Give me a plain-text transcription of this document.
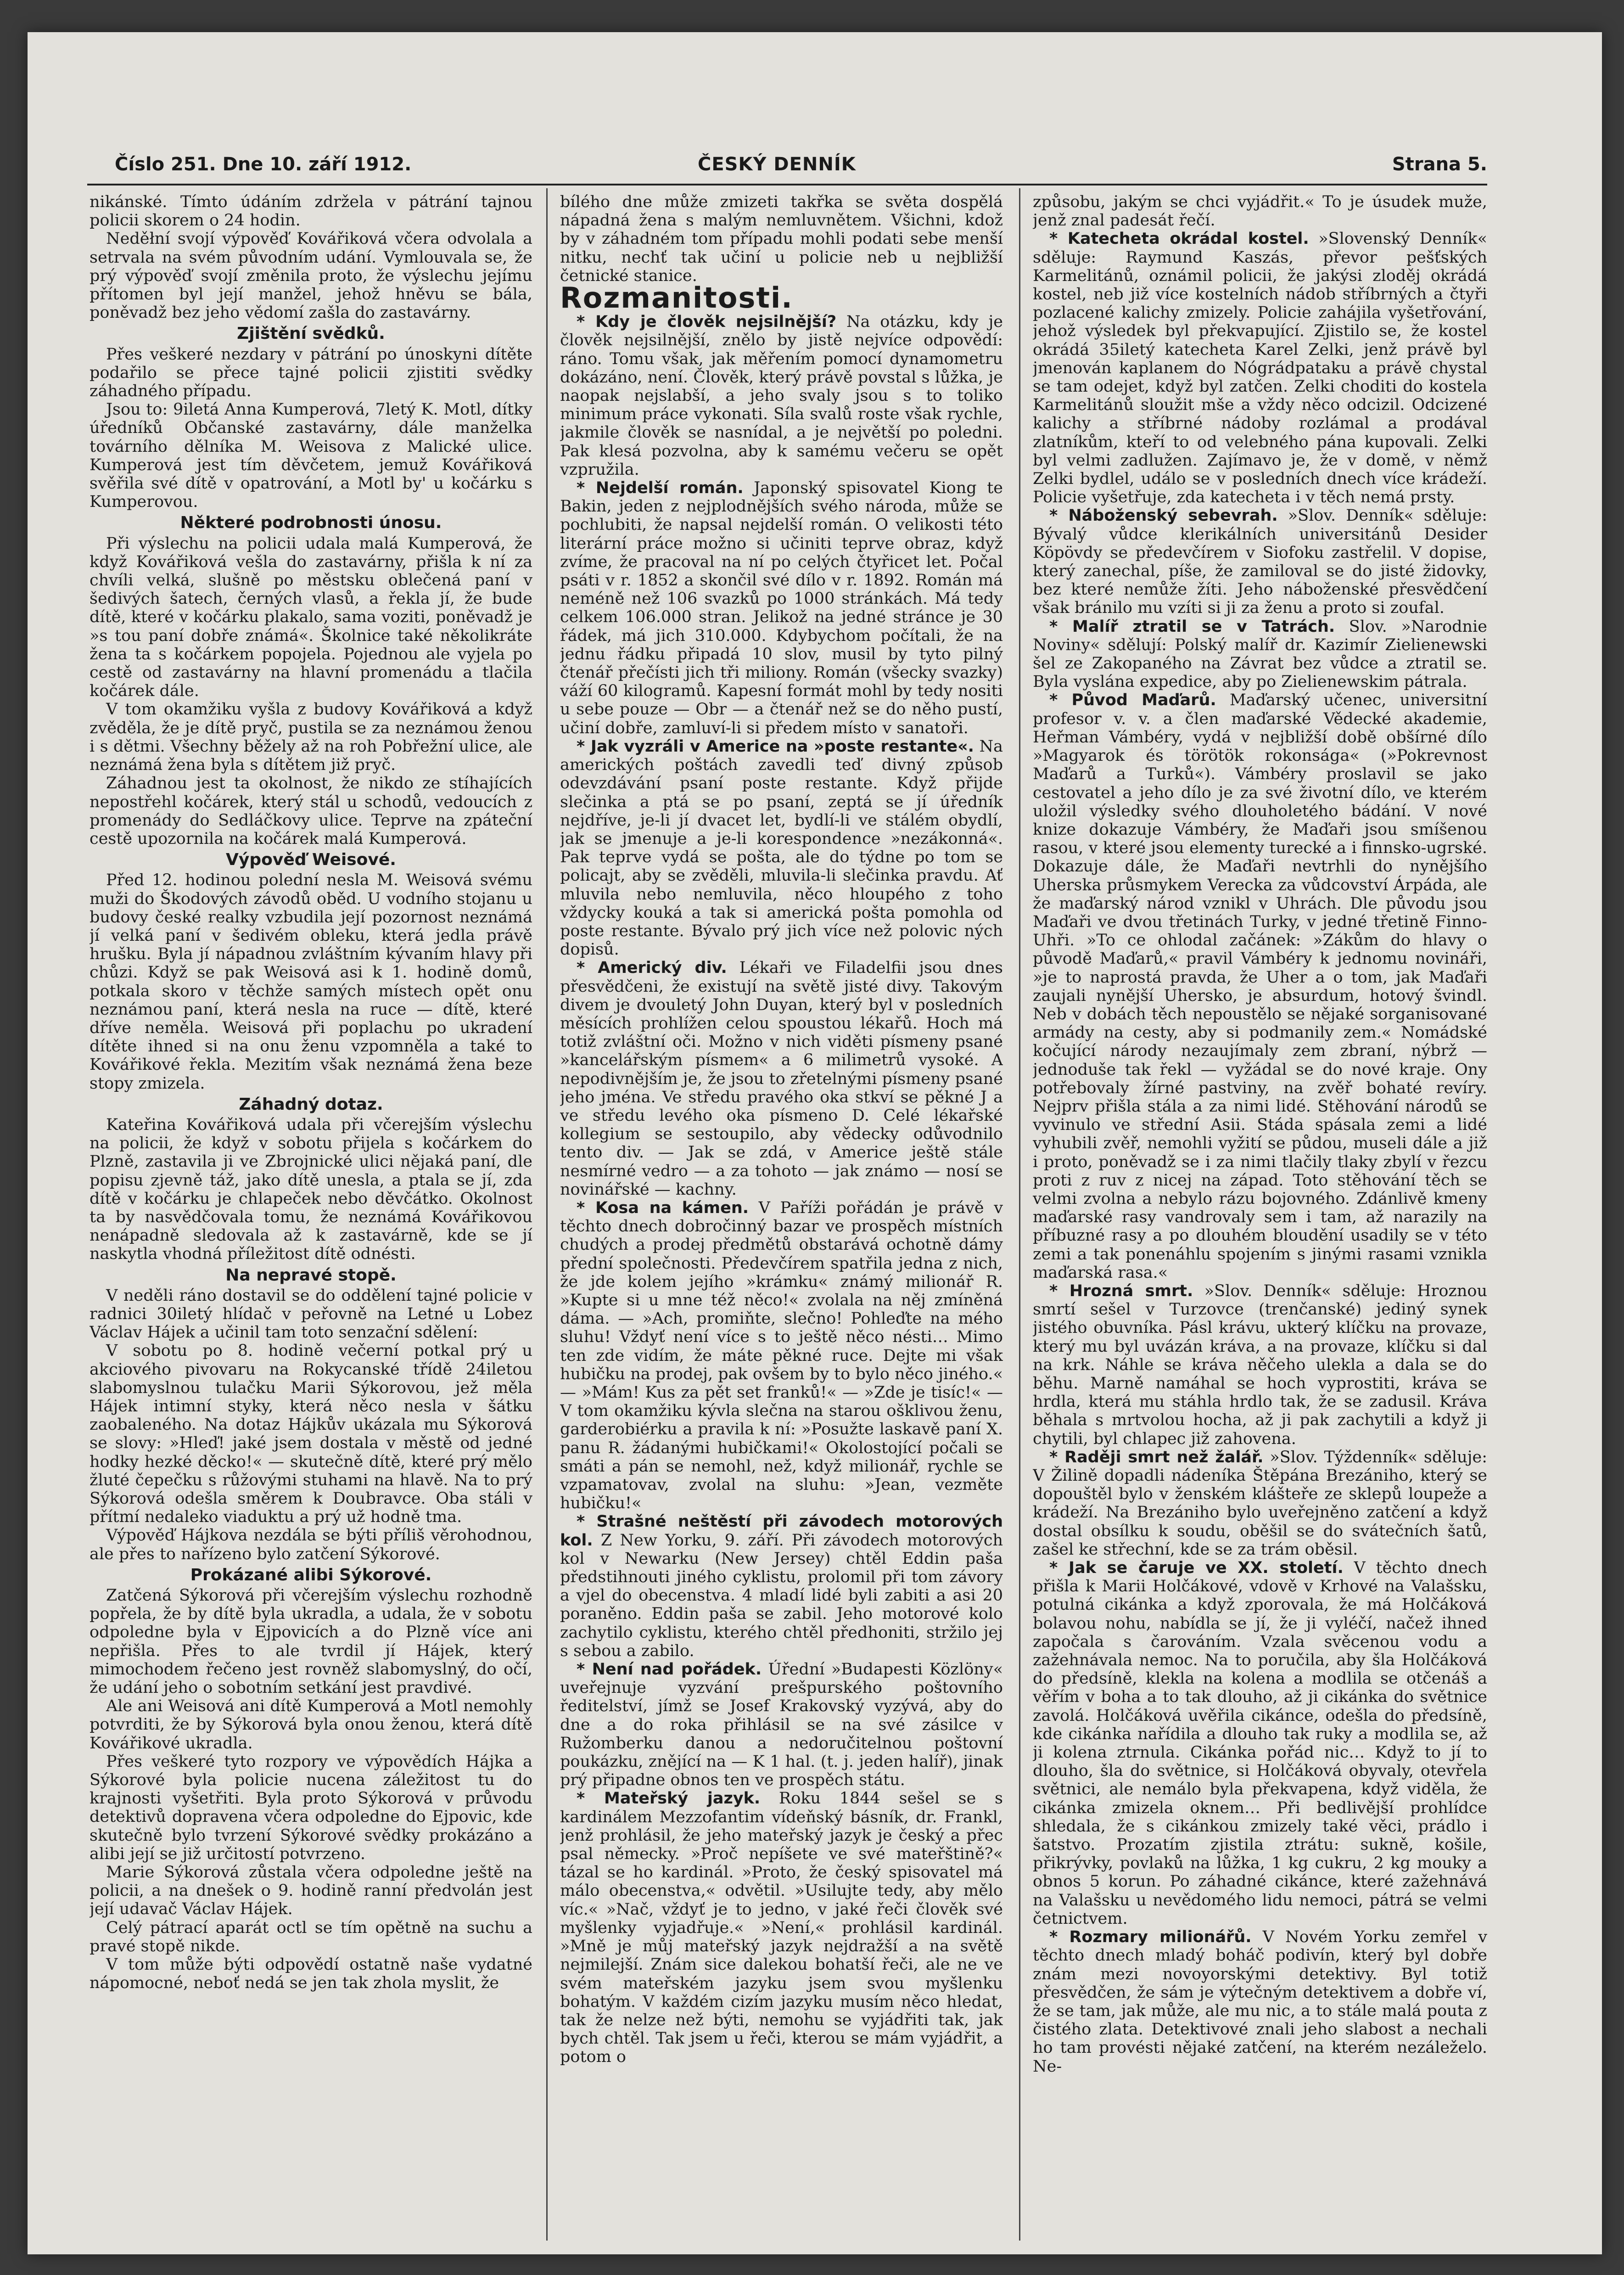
Číslo 251. Dne 10. září 1912.	ČESKÝ DENNÍK	Strana 5.

nikánské. Tímto údáním zdržela v pátrání tajnou policii skorem o 24 hodin.

Neděłní svojí výpověď Kovářiková včera odvolala a setrvala na svém původním udání. Vymlouvala se, že prý výpověď svojí změnila proto, že výslechu jejímu přítomen byl její manžel, jehož hněvu se bála, poněvadž bez jeho vědomí zašla do zastavárny.

Zjištění svědků.

Přes veškeré nezdary v pátrání po únoskyni dítěte podařilo se přece tajné policii zjistiti svědky záhadného případu.

Jsou to: 9iletá Anna Kumperová, 7letý K. Motl, dítky úředníků Občanské zastavárny, dále manželka továrního dělníka M. Weisova z Malické ulice. Kumperová jest tím děvčetem, jemuž Kovářiková svěřila své dítě v opatrování, a Motl by' u kočárku s Kumperovou.

Některé podrobnosti únosu.

Při výslechu na policii udala malá Kumperová, že když Kovářiková vešla do zastavárny, přišla k ní za chvíli velká, slušně po městsku oblečená paní v šedivých šatech, černých vlasů, a řekla jí, že bude dítě, které v kočárku plakalo, sama voziti, poněvadž je »s tou paní dobře známá«. Školnice také několikráte žena ta s kočárkem popojela. Pojednou ale vyjela po cestě od zastavárny na hlavní promenádu a tlačila kočárek dále.

V tom okamžiku vyšla z budovy Kovářiková a když zvěděla, že je dítě pryč, pustila se za neznámou ženou i s dětmi. Všechny běžely až na roh Pobřežní ulice, ale neznámá žena byla s dítětem již pryč.

Záhadnou jest ta okolnost, že nikdo ze stíhajících nepostřehl kočárek, který stál u schodů, vedoucích z promenády do Sedláčkovy ulice. Teprve na zpáteční cestě upozornila na kočárek malá Kumperová.

Výpověď Weisové.

Před 12. hodinou polední nesla M. Weisová svému muži do Škodových závodů oběd. U vodního stojanu u budovy české realky vzbudila její pozornost neznámá jí velká paní v šedivém obleku, která jedla právě hrušku. Byla jí nápadnou zvláštním kývaním hlavy při chůzi. Když se pak Weisová asi k 1. hodině domů, potkala skoro v těchže samých místech opět onu neznámou paní, která nesla na ruce — dítě, které dříve neměla. Weisová při poplachu po ukradení dítěte ihned si na onu ženu vzpomněla a také to Kovářikové řekla. Mezitím však neznámá žena beze stopy zmizela.

Záhadný dotaz.

Kateřina Kovářiková udala při včerejším výslechu na policii, že když v sobotu přijela s kočárkem do Plzně, zastavila ji ve Zbrojnické ulici nějaká paní, dle popisu zjevně táž, jako dítě unesla, a ptala se jí, zda dítě v kočárku je chlapeček nebo děvčátko. Okolnost ta by nasvědčovala tomu, že neznámá Kovářikovou nenápadně sledovala až k zastavárně, kde se jí naskytla vhodná příležitost dítě odnésti.

Na nepravé stopě.

V neděli ráno dostavil se do oddělení tajné policie v radnici 30iletý hlídač v peřovně na Letné u Lobez Václav Hájek a učinil tam toto senzační sdělení:

V sobotu po 8. hodině večerní potkal prý u akciového pivovaru na Rokycanské třídě 24iletou slabomyslnou tulačku Marii Sýkorovou, jež měla Hájek intimní styky, která něco nesla v šátku zaobaleného. Na dotaz Hájkův ukázala mu Sýkorová se slovy: »Hleď! jaké jsem dostala v městě od jedné hodky hezké děcko!« — skutečně dítě, které prý mělo žluté čepečku s růžovými stuhami na hlavě. Na to prý Sýkorová odešla směrem k Doubravce. Oba stáli v přítmí nedaleko viaduktu a prý už hodně tma.

Výpověď Hájkova nezdála se býti příliš věrohodnou, ale přes to nařízeno bylo zatčení Sýkorové.

Prokázané alibi Sýkorové.

Zatčená Sýkorová při včerejším výslechu rozhodně popřela, že by dítě byla ukradla, a udala, že v sobotu odpoledne byla v Ejpovicích a do Plzně více ani nepřišla. Přes to ale tvrdil jí Hájek, který mimochodem řečeno jest rovněž slabomyslný, do očí, že udání jeho o sobotním setkání jest pravdivé.

Ale ani Weisová ani dítě Kumperová a Motl nemohly potvrditi, že by Sýkorová byla onou ženou, která dítě Kovářikové ukradla.

Přes veškeré tyto rozpory ve výpovědích Hájka a Sýkorové byla policie nucena záležitost tu do krajnosti vyšetřiti. Byla proto Sýkorová v průvodu detektivů dopravena včera odpoledne do Ejpovic, kde skutečně bylo tvrzení Sýkorové svědky prokázáno a alibi její se již určitostí potvrzeno.

Marie Sýkorová zůstala včera odpoledne ještě na policii, a na dnešek o 9. hodině ranní předvolán jest její udavač Václav Hájek.

Celý pátrací aparát octl se tím opětně na suchu a pravé stopě nikde.

V tom může býti odpovědí ostatně naše vydatné nápomocné, neboť nedá se jen tak zhola myslit, že

bílého dne může zmizeti takřka se světa dospělá nápadná žena s malým nemluvnětem. Všichni, kdož by v záhadném tom případu mohli podati sebe menší nitku, nechť tak učiní u policie neb u nejbližší četnické stanice.

Rozmanitosti.

* Kdy je člověk nejsilnější? Na otázku, kdy je člověk nejsilnější, znělo by jistě nejvíce odpovědí: ráno. Tomu však, jak měřením pomocí dynamometru dokázáno, není. Člověk, který právě povstal s lůžka, je naopak nejslabší, a jeho svaly jsou s to toliko minimum práce vykonati. Síla svalů roste však rychle, jakmile člověk se nasnídal, a je největší po poledni. Pak klesá pozvolna, aby k samému večeru se opět vzpružila.

* Nejdelší román. Japonský spisovatel Kiong te Bakin, jeden z nejplodnějších svého národa, může se pochlubiti, že napsal nejdelší román. O velikosti této literární práce možno si učiniti teprve obraz, když zvíme, že pracoval na ní po celých čtyřicet let. Počal psáti v r. 1852 a skončil své dílo v r. 1892. Román má neméně než 106 svazků po 1000 stránkách. Má tedy celkem 106.000 stran. Jelikož na jedné stránce je 30 řádek, má jich 310.000. Kdybychom počítali, že na jednu řádku připadá 10 slov, musil by tyto pilný čtenář přečísti jich tři miliony. Román (všecky svazky) váží 60 kilogramů. Kapesní formát mohl by tedy nositi u sebe pouze — Obr — a čtenář než se do něho pustí, učiní dobře, zamluví-li si předem místo v sanatoři.

* Jak vyzráli v Americe na »poste restante«. Na amerických poštách zavedli teď divný způsob odevzdávání psaní poste restante. Když přijde slečinka a ptá se po psaní, zeptá se jí úředník nejdříve, je-li jí dvacet let, bydlí-li ve stálém obydlí, jak se jmenuje a je-li korespondence »nezákonná«. Pak teprve vydá se pošta, ale do týdne po tom se policajt, aby se zvěděli, mluvila-li slečinka pravdu. Ať mluvila nebo nemluvila, něco hloupého z toho vždycky kouká a tak si americká pošta pomohla od poste restante. Bývalo prý jich více než polovic ných dopisů.

* Americký div. Lékaři ve Filadelfii jsou dnes přesvědčeni, že existují na světě jisté divy. Takovým divem je dvouletý John Duyan, který byl v posledních měsících prohlížen celou spoustou lékařů. Hoch má totiž zvláštní oči. Možno v nich viděti písmeny psané »kancelářským písmem« a 6 milimetrů vysoké. A nepodivnějším je, že jsou to zřetelnými písmeny psané jeho jména. Ve středu pravého oka stkví se pěkné J a ve středu levého oka písmeno D. Celé lékařské kollegium se sestoupilo, aby vědecky odůvodnilo tento div. — Jak se zdá, v Americe ještě stále nesmírné vedro — a za tohoto — jak známo — nosí se novinářské — kachny.

* Kosa na kámen. V Paříži pořádán je právě v těchto dnech dobročinný bazar ve prospěch místních chudých a prodej předmětů obstarává ochotně dámy přední společnosti. Předevčírem spatřila jedna z nich, že jde kolem jejího »krámku« známý milionář R. »Kupte si u mne též něco!« zvolala na něj zmíněná dáma. — »Ach, promiňte, slečno! Pohleďte na mého sluhu! Vždyť není více s to ještě něco nésti… Mimo ten zde vidím, že máte pěkné ruce. Dejte mi však hubičku na prodej, pak ovšem by to bylo něco jiného.« — »Mám! Kus za pět set franků!« — »Zde je tisíc!« — V tom okamžiku kývla slečna na starou ošklivou ženu, garderobiérku a pravila k ní: »Posužte laskavě paní X. panu R. žádanými hubičkami!« Okolostojící počali se smáti a pán se nemohl, než, když milionář, rychle se vzpamatovav, zvolal na sluhu: »Jean, vezměte hubičku!«

* Strašné neštěstí při závodech motorových kol. Z New Yorku, 9. září. Při závodech motorových kol v Newarku (New Jersey) chtěl Eddin paša předstihnouti jiného cyklistu, prolomil při tom závory a vjel do obecenstva. 4 mladí lidé byli zabiti a asi 20 poraněno. Eddin paša se zabil. Jeho motorové kolo zachytilo cyklistu, kterého chtěl předhoniti, stržilo jej s sebou a zabilo.

* Není nad pořádek. Úřední »Budapesti Közlöny« uveřejnuje vyzvání prešpurského poštovního ředitelství, jímž se Josef Krakovský vyzývá, aby do dne a do roka přihlásil se na své zásilce v Ružomberku danou a nedoručitelnou poštovní poukázku, znějící na — K 1 hal. (t. j. jeden halíř), jinak prý připadne obnos ten ve prospěch státu.

* Mateřský jazyk. Roku 1844 sešel se s kardinálem Mezzofantim vídeňský básník, dr. Frankl, jenž prohlásil, že jeho mateřský jazyk je český a přec psal německy. »Proč nepíšete ve své mateřštině?« tázal se ho kardinál. »Proto, že český spisovatel má málo obecenstva,« odvětil. »Usilujte tedy, aby mělo víc.« »Nač, vždyť je to jedno, v jaké řeči člověk své myšlenky vyjadřuje.« »Není,« prohlásil kardinál. »Mně je můj mateřský jazyk nejdražší a na světě nejmilejší. Znám sice dalekou bohatší řeči, ale ne ve svém mateřském jazyku jsem svou myšlenku bohatým. V každém cizím jazyku musím něco hledat, tak že nelze než býti, nemohu se vyjádřiti tak, jak bych chtěl. Tak jsem u řeči, kterou se mám vyjádřit, a potom o

způsobu, jakým se chci vyjádřit.« To je úsudek muže, jenž znal padesát řečí.

* Katecheta okrádal kostel. »Slovenský Denník« sděluje: Raymund Kaszás, převor pešťských Karmelitánů, oznámil policii, že jakýsi zloděj okrádá kostel, neb již více kostelních nádob stříbrných a čtyři pozlacené kalichy zmizely. Policie zahájila vyšetřování, jehož výsledek byl překvapující. Zjistilo se, že kostel okrádá 35iletý katecheta Karel Zelki, jenž právě byl jmenován kaplanem do Nógrádpataku a právě chystal se tam odejet, když byl zatčen. Zelki choditi do kostela Karmelitánů sloužit mše a vždy něco odcizil. Odcizené kalichy a stříbrné nádoby rozlámal a prodával zlatníkům, kteří to od velebného pána kupovali. Zelki byl velmi zadlužen. Zajímavo je, že v domě, v němž Zelki bydlel, událo se v posledních dnech více krádeží. Policie vyšetřuje, zda katecheta i v těch nemá prsty.

* Náboženský sebevrah. »Slov. Denník« sděluje: Bývalý vůdce klerikálních universitánů Desider Köpövdy se předevčírem v Siofoku zastřelil. V dopise, který zanechal, píše, že zamiloval se do jisté židovky, bez které nemůže žíti. Jeho náboženské přesvědčení však bránilo mu vzíti si ji za ženu a proto si zoufal.

* Malíř ztratil se v Tatrách. Slov. »Narodnie Noviny« sdělují: Polský malíř dr. Kazimír Zielienewski šel ze Zakopaného na Závrat bez vůdce a ztratil se. Byla vyslána expedice, aby po Zielienewskim pátrala.

* Původ Maďarů. Maďarský učenec, universitní profesor v. v. a člen maďarské Vědecké akademie, Heřman Vámbéry, vydá v nejbližší době obšírné dílo »Magyarok és törötök rokonsága« (»Pokrevnost Maďarů a Turků«). Vámbéry proslavil se jako cestovatel a jeho dílo je za své životní dílo, ve kterém uložil výsledky svého dlouholetého bádání. V nové knize dokazuje Vámbéry, že Maďaři jsou smíšenou rasou, v které jsou elementy turecké a i finnsko-ugrské. Dokazuje dále, že Maďaři nevtrhli do nynějšího Uherska průsmykem Verecka za vůdcovství Árpáda, ale že maďarský národ vznikl v Uhrách. Dle původu jsou Maďaři ve dvou třetinách Turky, v jedné třetině Finno-Uhři. »To ce ohlodal začánek: »Zákům do hlavy o původě Maďarů,« pravil Vámbéry k jednomu novináři, »je to naprostá pravda, že Uher a o tom, jak Maďaři zaujali nynější Uhersko, je absurdum, hotový švindl. Neb v dobách těch nepoustělo se nějaké sorganisované armády na cesty, aby si podmanily zem.« Nomádské kočující národy nezaujímaly zem zbraní, nýbrž — jednoduše tak řekl — vyžádal se do nové kraje. Ony potřebovaly žírné pastviny, na zvěř bohaté revíry. Nejprv přišla stála a za nimi lidé. Stěhování národů se vyvinulo ve střední Asii. Stáda spásala zemi a lidé vyhubili zvěř, nemohli vyžití se půdou, museli dále a již i proto, poněvadž se i za nimi tlačily tlaky zbylí v řezcu proti z ruv z nicej na západ. Toto stěhování těch se velmi zvolna a nebylo rázu bojovného. Zdánlivě kmeny maďarské rasy vandrovaly sem i tam, až narazily na příbuzné rasy a po dlouhém bloudění usadily se v této zemi a tak ponenáhlu spojením s jinými rasami vznikla maďarská rasa.«

* Hrozná smrt. »Slov. Denník« sděluje: Hroznou smrtí sešel v Turzovce (trenčanské) jediný synek jistého obuvníka. Pásl krávu, ukterý klíčku na provaze, který mu byl uvázán kráva, a na provaze, klíčku si dal na krk. Náhle se kráva něčeho ulekla a dala se do běhu. Marně namáhal se hoch vyprostiti, kráva se hrdla, která mu stáhla hrdlo tak, že se zadusil. Kráva běhala s mrtvolou hocha, až ji pak zachytili a když ji chytili, byl chlapec již zahovena.

* Raději smrt než žalář. »Slov. Týždenník« sděluje: V Žilině dopadli nádeníka Štěpána Brezániho, který se dopouštěl bylo v ženském klášteře ze sklepů loupeže a krádeží. Na Brezániho bylo uveřejněno zatčení a když dostal obsílku k soudu, oběšil se do svátečních šatů, zašel ke střechní, kde se za trám oběsil.

* Jak se čaruje ve XX. století. V těchto dnech přišla k Marii Holčákové, vdově v Krhové na Valašsku, potulná cikánka a když zporovala, že má Holčáková bolavou nohu, nabídla se jí, že ji vyléčí, načež ihned započala s čarováním. Vzala svěcenou vodu a zažehnávala nemoc. Na to poručila, aby šla Holčáková do předsíně, klekla na kolena a modlila se otčenáš a věřím v boha a to tak dlouho, až ji cikánka do světnice zavolá. Holčáková uvěřila cikánce, odešla do předsíně, kde cikánka nařídila a dlouho tak ruky a modlila se, až ji kolena ztrnula. Cikánka pořád nic… Když to jí to dlouho, šla do světnice, si Holčáková obyvaly, otevřela světnici, ale nemálo byla překvapena, když viděla, že cikánka zmizela oknem… Při bedlivější prohlídce shledala, že s cikánkou zmizely také věci, prádlo i šatstvo. Prozatím zjistila ztrátu: sukně, košile, přikrývky, povlaků na lůžka, 1 kg cukru, 2 kg mouky a obnos 5 korun. Po záhadné cikánce, které zažehnává na Valašsku u nevědomého lidu nemoci, pátrá se velmi četnictvem.

* Rozmary milionářů. V Novém Yorku zemřel v těchto dnech mladý boháč podivín, který byl dobře znám mezi novoyorskými detektivy. Byl totiž přesvědčen, že sám je výtečným detektivem a dobře ví, že se tam, jak může, ale mu nic, a to stále malá pouta z čistého zlata. Detektivové znali jeho slabost a nechali ho tam provésti nějaké zatčení, na kterém nezáleželo. Ne-
